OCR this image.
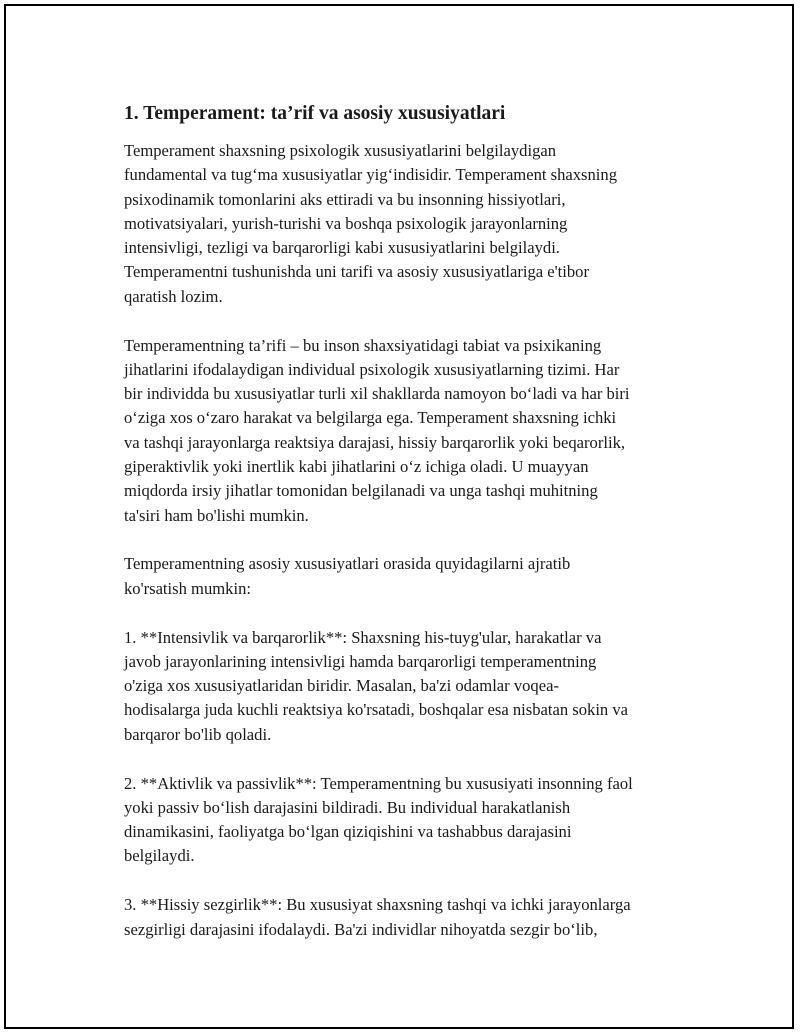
1. Temperament: ta’rif va asosiy xususiyatlari
Temperament shaxsning psixologik xususiyatlarini belgilaydigan
fundamental va tug‘ma xususiyatlar yig‘indisidir. Temperament shaxsning
psixodinamik tomonlarini aks ettiradi va bu insonning hissiyotlari,
motivatsiyalari, yurish-turishi va boshqa psixologik jarayonlarning
intensivligi, tezligi va barqarorligi kabi xususiyatlarini belgilaydi.
Temperamentni tushunishda uni tarifi va asosiy xususiyatlariga e'tibor
qaratish lozim.
Temperamentning ta’rifi – bu inson shaxsiyatidagi tabiat va psixikaning
jihatlarini ifodalaydigan individual psixologik xususiyatlarning tizimi. Har
bir individda bu xususiyatlar turli xil shakllarda namoyon bo‘ladi va har biri
o‘ziga xos o‘zaro harakat va belgilarga ega. Temperament shaxsning ichki
va tashqi jarayonlarga reaktsiya darajasi, hissiy barqarorlik yoki beqarorlik,
giperaktivlik yoki inertlik kabi jihatlarini o‘z ichiga oladi. U muayyan
miqdorda irsiy jihatlar tomonidan belgilanadi va unga tashqi muhitning
ta'siri ham bo'lishi mumkin.
Temperamentning asosiy xususiyatlari orasida quyidagilarni ajratib
ko'rsatish mumkin:
1. **Intensivlik va barqarorlik**: Shaxsning his-tuyg'ular, harakatlar va
javob jarayonlarining intensivligi hamda barqarorligi temperamentning
o'ziga xos xususiyatlaridan biridir. Masalan, ba'zi odamlar voqea-
hodisalarga juda kuchli reaktsiya ko'rsatadi, boshqalar esa nisbatan sokin va
barqaror bo'lib qoladi.
2. **Aktivlik va passivlik**: Temperamentning bu xususiyati insonning faol
yoki passiv bo‘lish darajasini bildiradi. Bu individual harakatlanish
dinamikasini, faoliyatga bo‘lgan qiziqishini va tashabbus darajasini
belgilaydi.
3. **Hissiy sezgirlik**: Bu xususiyat shaxsning tashqi va ichki jarayonlarga
sezgirligi darajasini ifodalaydi. Ba'zi individlar nihoyatda sezgir bo‘lib,
